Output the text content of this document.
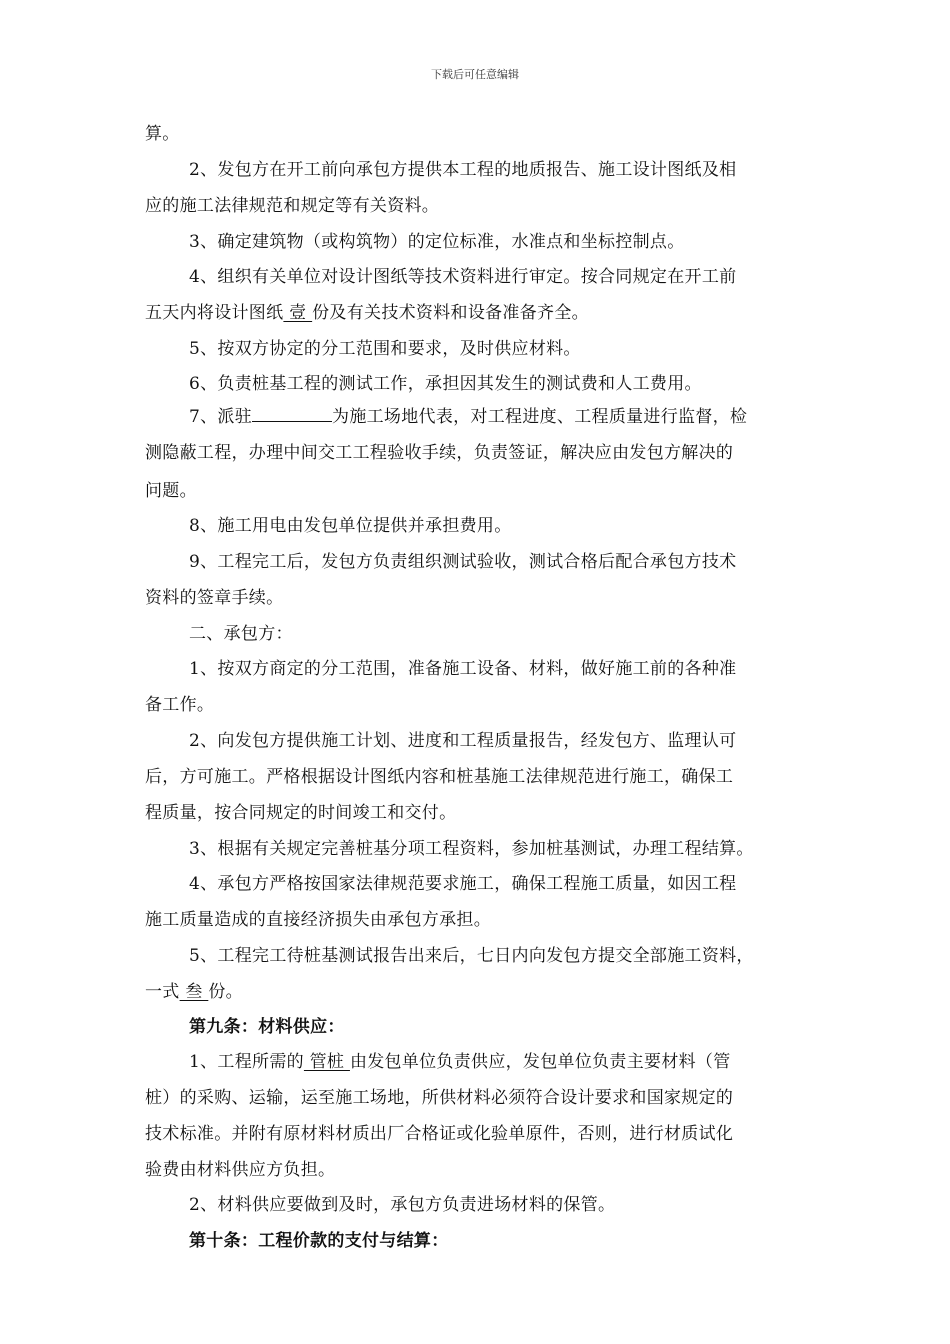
下载后可任意编辑
算。
2、发包方在开工前向承包方提供本工程的地质报告、施工设计图纸及相
应的施工法律规范和规定等有关资料。
3、确定建筑物（或构筑物）的定位标准，水准点和坐标控制点。
4、组织有关单位对设计图纸等技术资料进行审定。按合同规定在开工前
五天内将设计图纸 壹 份及有关技术资料和设备准备齐全。
5、按双方协定的分工范围和要求，及时供应材料。
6、负责桩基工程的测试工作，承担因其发生的测试费和人工费用。
7、派驻	为施工场地代表，对工程进度、工程质量进行监督，检
测隐蔽工程，办理中间交工工程验收手续，负责签证，解决应由发包方解决的
问题。
8、施工用电由发包单位提供并承担费用。
9、工程完工后，发包方负责组织测试验收，测试合格后配合承包方技术
资料的签章手续。
二、承包方：
1、按双方商定的分工范围，准备施工设备、材料，做好施工前的各种准
备工作。
2、向发包方提供施工计划、进度和工程质量报告，经发包方、监理认可
后，方可施工。严格根据设计图纸内容和桩基施工法律规范进行施工，确保工
程质量，按合同规定的时间竣工和交付。
3、根据有关规定完善桩基分项工程资料，参加桩基测试，办理工程结算。
4、承包方严格按国家法律规范要求施工，确保工程施工质量，如因工程
施工质量造成的直接经济损失由承包方承担。
5、工程完工待桩基测试报告出来后，七日内向发包方提交全部施工资料，
一式 叁 份。
第九条：材料供应：
1、工程所需的 管桩 由发包单位负责供应，发包单位负责主要材料（管
桩）的采购、运输，运至施工场地，所供材料必须符合设计要求和国家规定的
技术标准。并附有原材料材质出厂合格证或化验单原件，否则，进行材质试化
验费由材料供应方负担。
2、材料供应要做到及时，承包方负责进场材料的保管。
第十条：工程价款的支付与结算：
